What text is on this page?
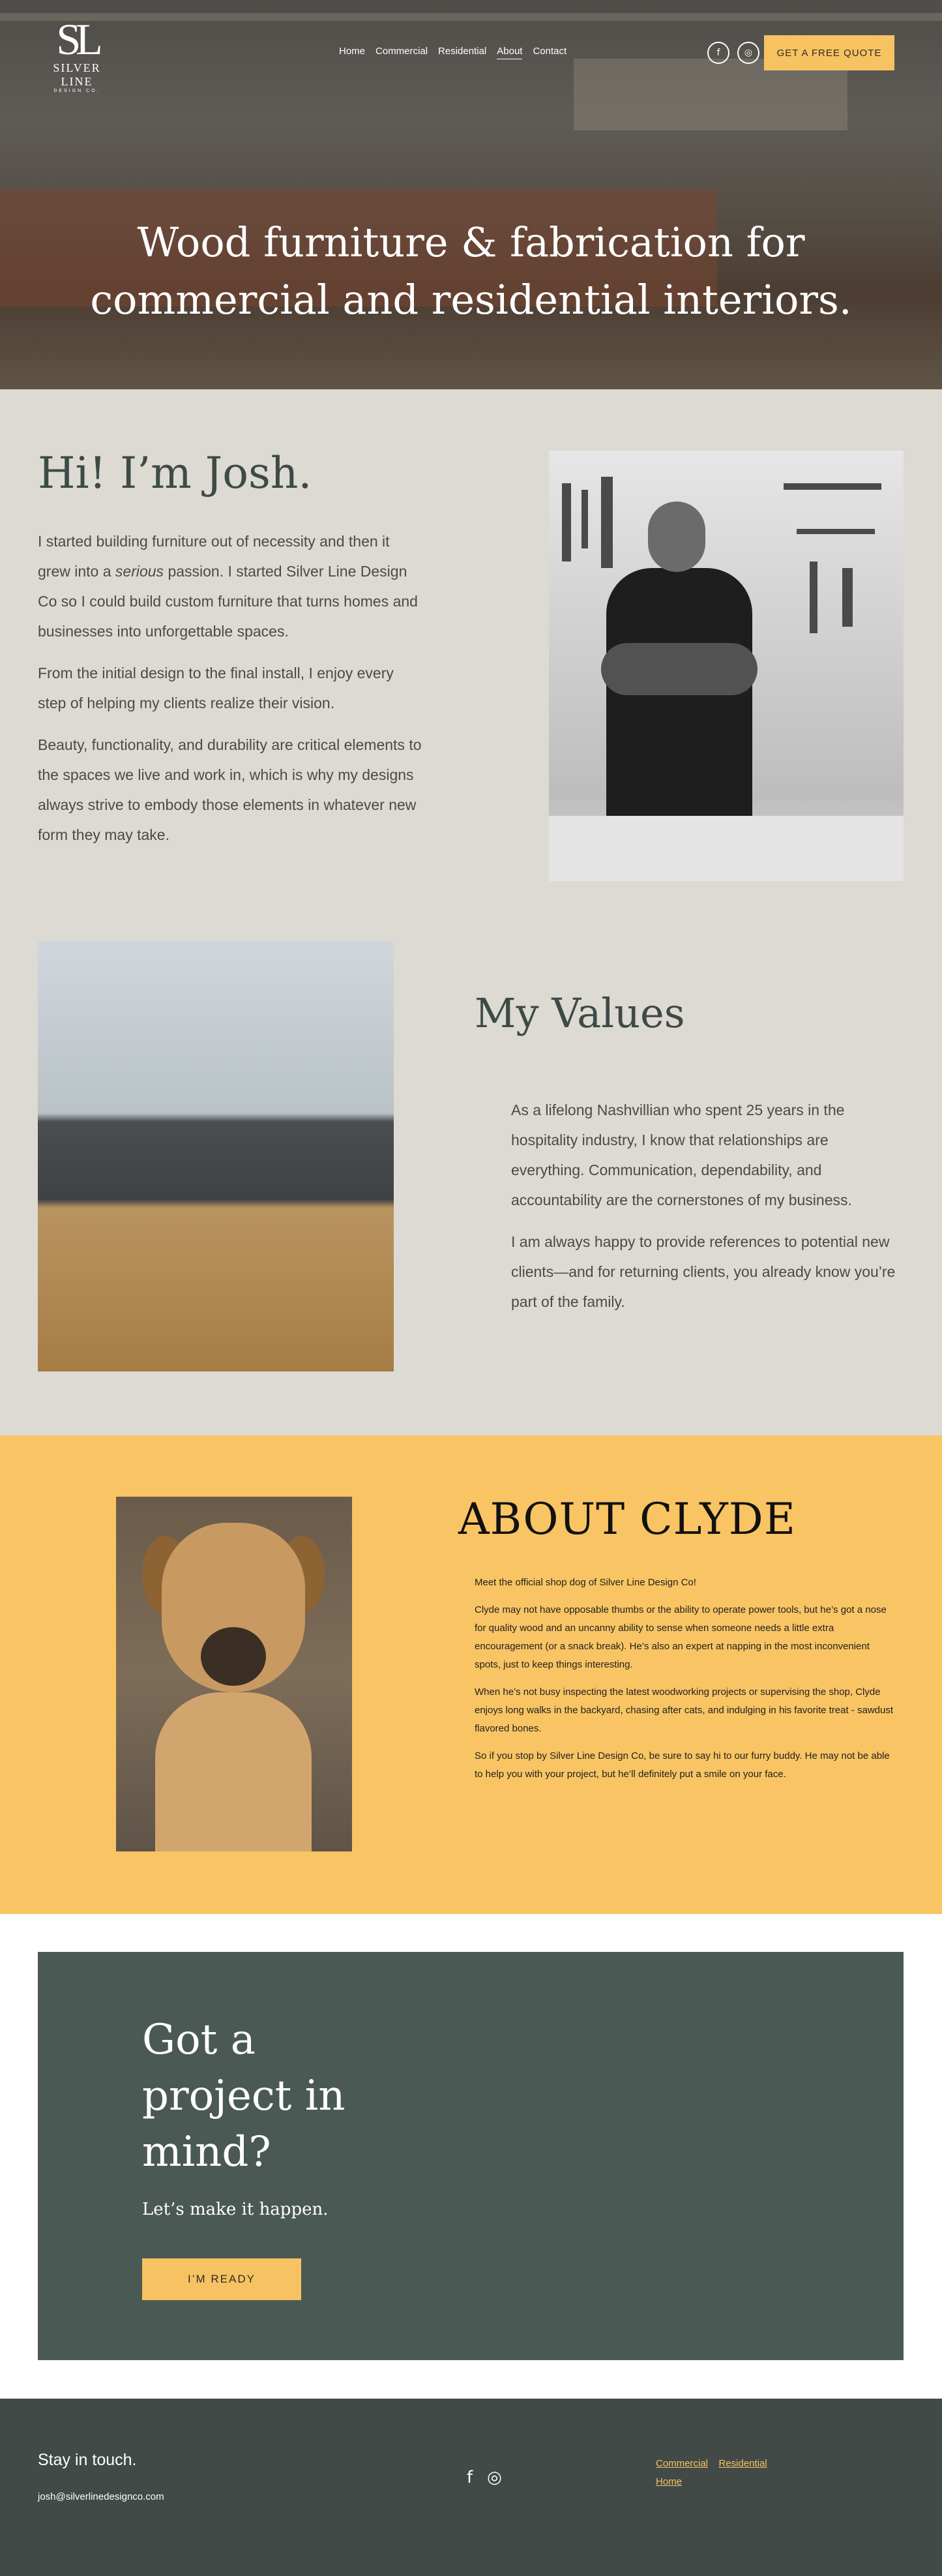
SL
SILVER LINE
DESIGN CO.
Home Commercial Residential About Contact	f	◎	GET A FREE QUOTE
Wood furniture & fabrication for
commercial and residential interiors.
Hi! I’m Josh.

I started building furniture out of necessity and then it grew into a serious passion. I started Silver Line Design Co so I could build custom furniture that turns homes and businesses into unforgettable spaces.

From the initial design to the final install, I enjoy every step of helping my clients realize their vision.

Beauty, functionality, and durability are critical elements to the spaces we live and work in, which is why my designs always strive to embody those elements in whatever new form they may take.

My Values

As a lifelong Nashvillian who spent 25 years in the hospitality industry, I know that relationships are everything. Communication, dependability, and accountability are the cornerstones of my business.

I am always happy to provide references to potential new clients—and for returning clients, you already know you’re part of the family.

ABOUT CLYDE

Meet the official shop dog of Silver Line Design Co!

Clyde may not have opposable thumbs or the ability to operate power tools, but he’s got a nose for quality wood and an uncanny ability to sense when someone needs a little extra encouragement (or a snack break). He’s also an expert at napping in the most inconvenient spots, just to keep things interesting.

When he’s not busy inspecting the latest woodworking projects or supervising the shop, Clyde enjoys long walks in the backyard, chasing after cats, and indulging in his favorite treat - sawdust flavored bones.

So if you stop by Silver Line Design Co, be sure to say hi to our furry buddy. He may not be able to help you with your project, but he’ll definitely put a smile on your face.

Got a project in mind?
Let’s make it happen.
I’M READY
Stay in touch.
josh@silverlinedesignco.com
f ◎
Commercial Residential
Home
